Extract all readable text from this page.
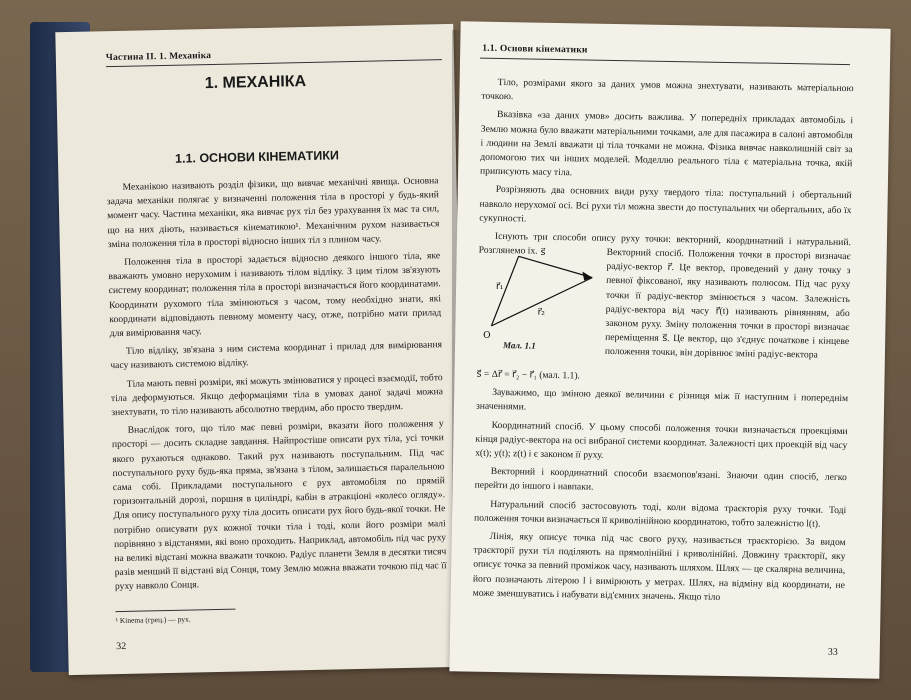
Частина II. 1. Механіка
1. МЕХАНІКА
1.1. ОСНОВИ КІНЕМАТИКИ

Механікою називають розділ фізики, що вивчає механічні явища. Основна задача механіки полягає у визначенні положення тіла в просторі у будь-який момент часу. Частина механіки, яка вивчає рух тіл без урахування їх мас та сил, що на них діють, називається кінематикою¹. Механічним рухом називається зміна положення тіла в просторі відносно інших тіл з плином часу.

Положення тіла в просторі задається відносно деякого іншого тіла, яке вважають умовно нерухомим і називають тілом відліку. З цим тілом зв'язують систему координат; положення тіла в просторі визначається його координатами. Координати рухомого тіла змінюються з часом, тому необхідно знати, які координати відповідають певному моменту часу, отже, потрібно мати прилад для вимірювання часу.

Тіло відліку, зв'язана з ним система координат і прилад для вимірювання часу називають системою відліку.

Тіла мають певні розміри, які можуть змінюватися у процесі взаємодії, тобто тіла деформуються. Якщо деформаціями тіла в умовах даної задачі можна знехтувати, то тіло називають абсолютно твердим, або просто твердим.

Внаслідок того, що тіло має певні розміри, вказати його положення у просторі — досить складне завдання. Найпростіше описати рух тіла, усі точки якого рухаються однаково. Такий рух називають поступальним. Під час поступального руху будь-яка пряма, зв'язана з тілом, залишається паралельною сама собі. Прикладами поступального є рух автомобіля по прямій горизонтальній дорозі, поршня в циліндрі, кабін в атракціоні «колесо огляду». Для опису поступального руху тіла досить описати рух його будь-якої точки. Не потрібно описувати рух кожної точки тіла і тоді, коли його розміри малі порівняно з відстанями, які воно проходить. Наприклад, автомобіль під час руху на великі відстані можна вважати точкою. Радіус планети Земля в десятки тисяч разів менший її відстані від Сонця, тому Землю можна вважати точкою під час її руху навколо Сонця.

¹ Kinema (грец.) — рух.
32
1.1. Основи кінематики

Тіло, розмірами якого за даних умов можна знехтувати, називають матеріальною точкою.

Вказівка «за даних умов» досить важлива. У попередніх прикладах автомобіль і Землю можна було вважати матеріальними точками, але для пасажира в салоні автомобіля і людини на Землі вважати ці тіла точками не можна. Фізика вивчає навколишній світ за допомогою тих чи інших моделей. Моделлю реального тіла є матеріальна точка, якій приписують масу тіла.

Розрізняють два основних види руху твердого тіла: поступальний і обертальний навколо нерухомої осі. Всі рухи тіл можна звести до поступальних чи обертальних, або їх сукупності.

Існують три способи опису руху точки: векторний, координатний і натуральний. Розглянемо їх. s⃗
r⃗₁
r⃗₂
O
Мал. 1.1
Векторний спосіб. Положення точки в просторі визначає радіус-вектор r⃗. Це вектор, проведений у дану точку з певної фіксованої, яку називають полюсом. Під час руху точки її радіус-вектор змінюється з часом. Залежність радіус-вектора від часу r⃗(t) називають рівнянням, або законом руху. Зміну положення точки в просторі визначає переміщення s⃗. Це вектор, що з'єднує початкове і кінцеве положення точки, він дорівнює зміні радіус-вектора

s⃗ = Δr⃗ = r⃗₂ − r⃗₁ (мал. 1.1).

Зауважимо, що зміною деякої величини є різниця між її наступним і попереднім значеннями.

Координатний спосіб. У цьому способі положення точки визначається проекціями кінця радіус-вектора на осі вибраної системи координат. Залежності цих проекцій від часу x(t); y(t); z(t) і є законом її руху.

Векторний і координатний способи взаємопов'язані. Знаючи один спосіб, легко перейти до іншого і навпаки.

Натуральний спосіб застосовують тоді, коли відома траєкторія руху точки. Тоді положення точки визначається її криволінійною координатою, тобто залежністю l(t).

Лінія, яку описує точка під час свого руху, називається траєкторією. За видом траєкторії рухи тіл поділяють на прямолінійні і криволінійні. Довжину траєкторії, яку описує точка за певний проміжок часу, називають шляхом. Шлях — це скалярна величина, його позначають літерою l і вимірюють у метрах. Шлях, на відміну від координати, не може зменшуватись і набувати від'ємних значень. Якщо тіло

33
